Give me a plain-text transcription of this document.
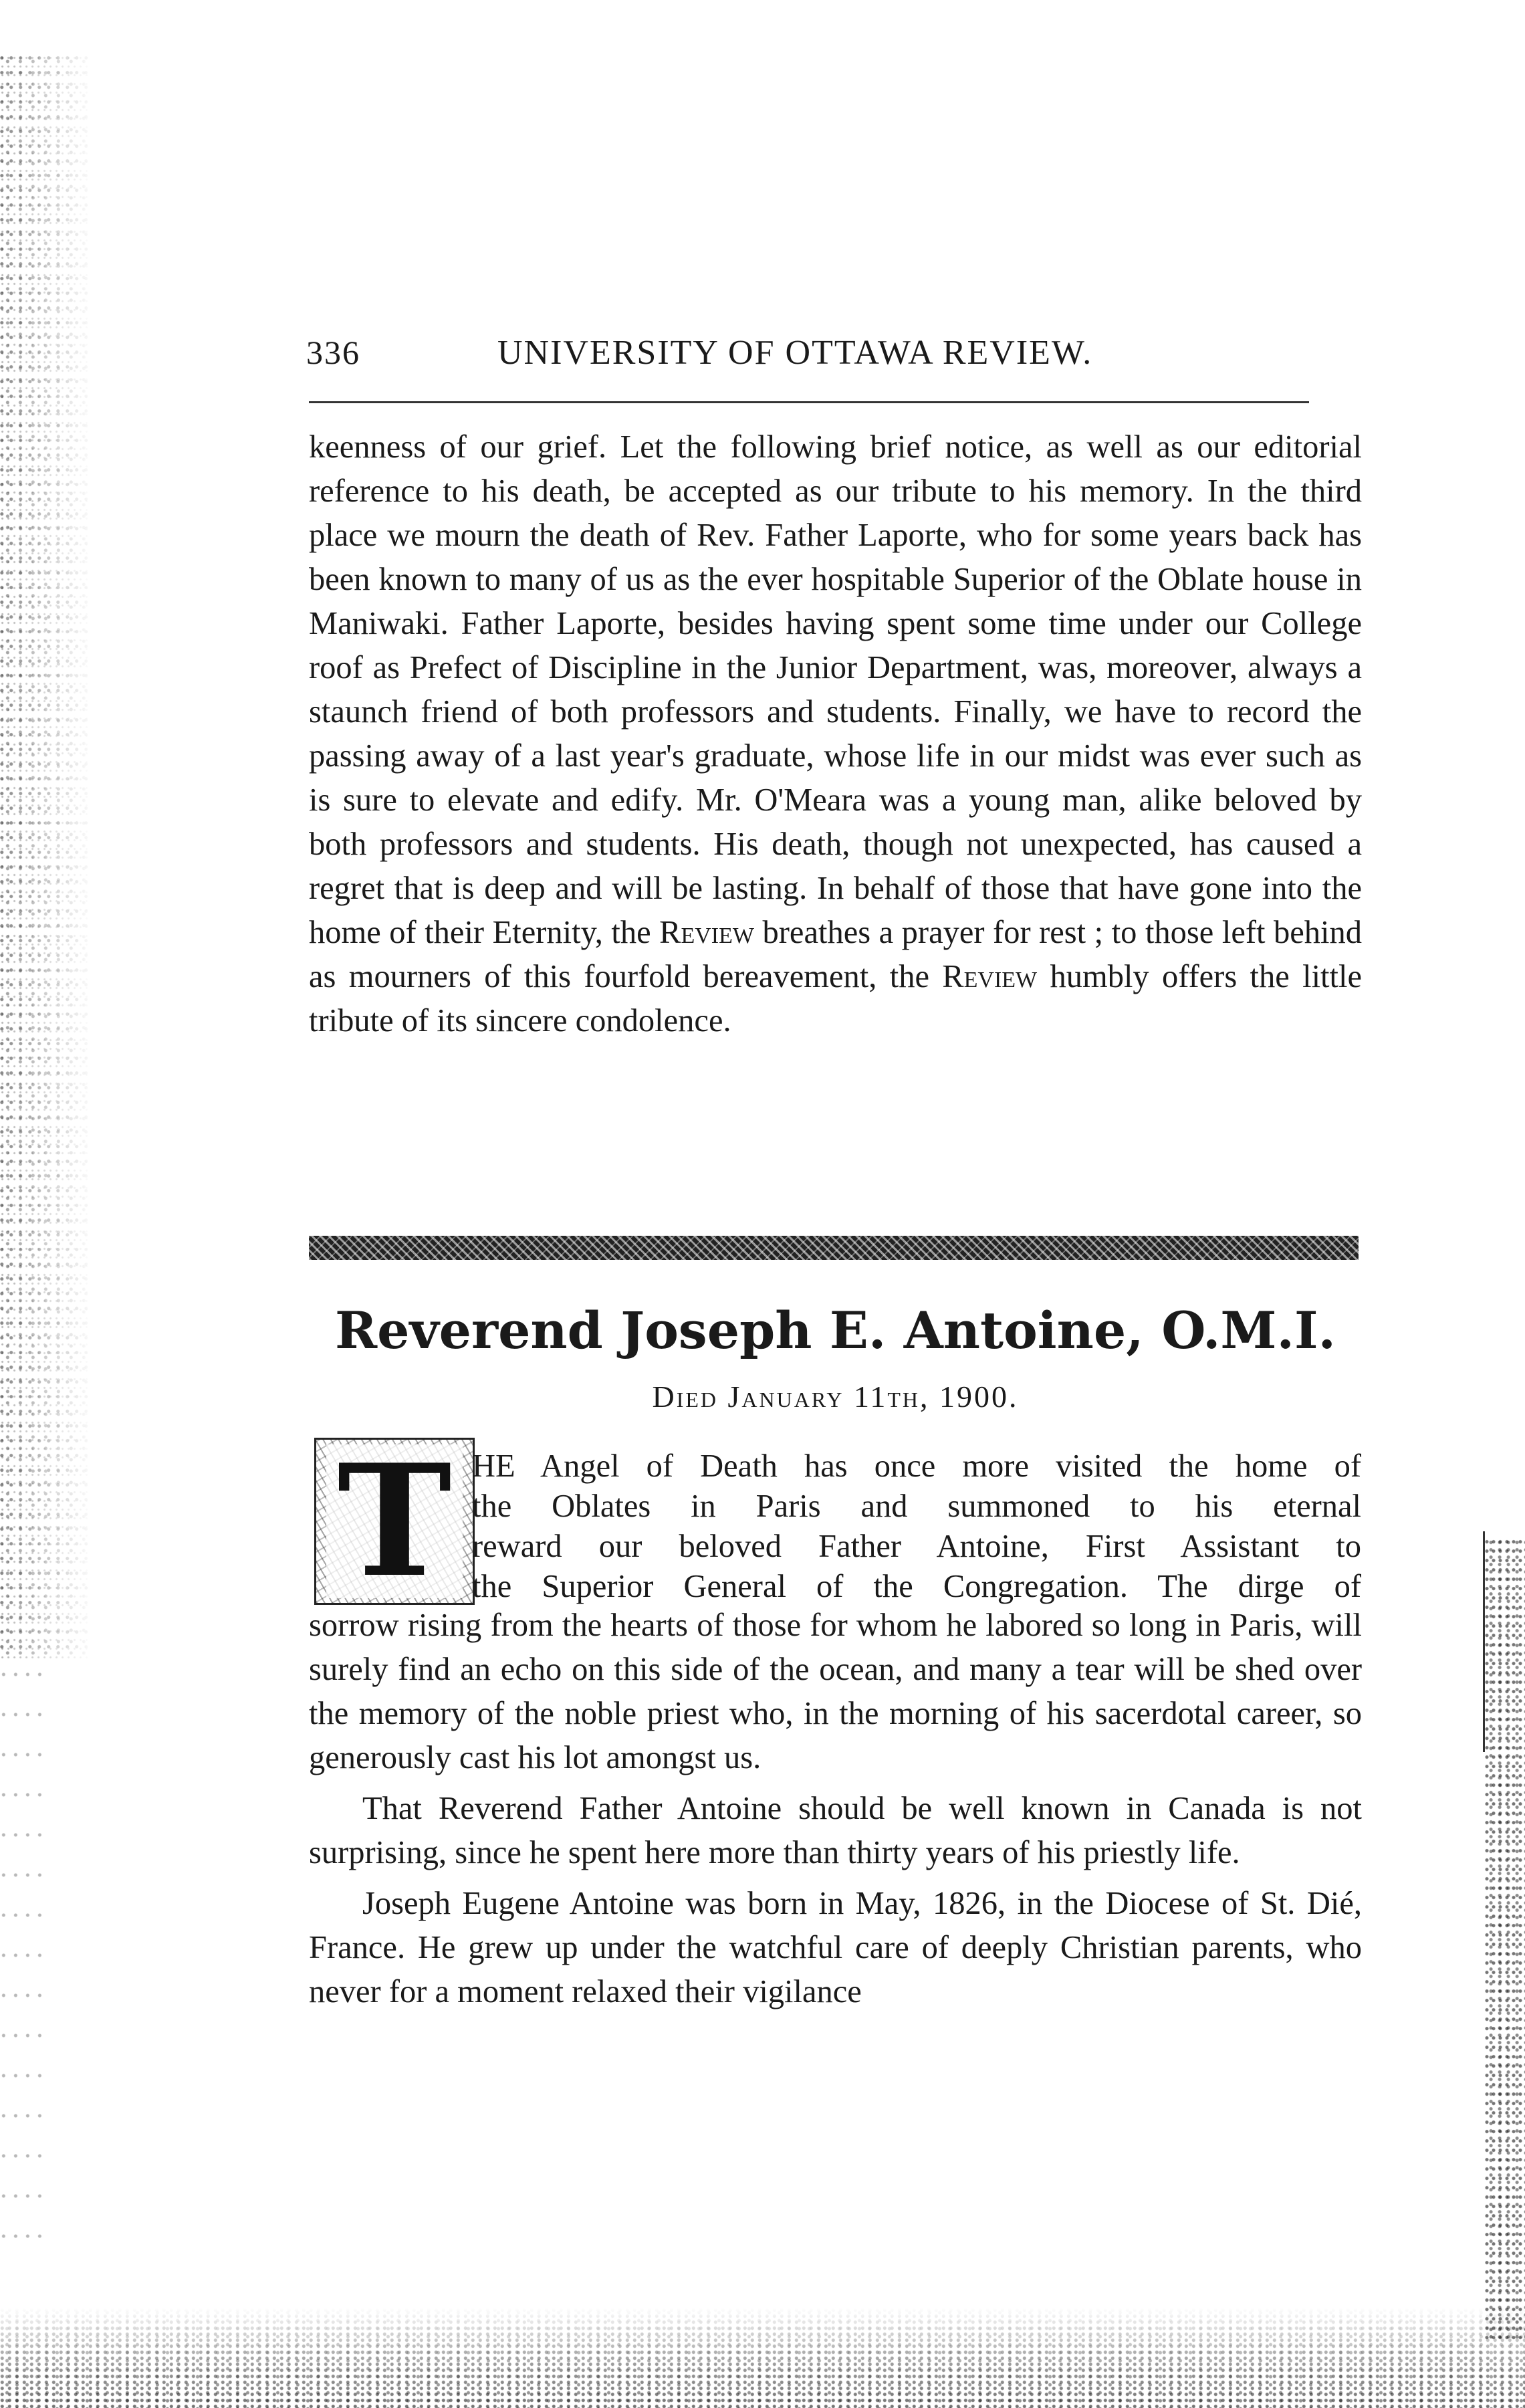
336	UNIVERSITY OF OTTAWA REVIEW.

keenness of our grief. Let the following brief notice, as well as our editorial reference to his death, be accepted as our tribute to his memory. In the third place we mourn the death of Rev. Father Laporte, who for some years back has been known to many of us as the ever hospitable Superior of the Oblate house in Maniwaki. Father Laporte, besides having spent some time under our College roof as Prefect of Discipline in the Junior Department, was, moreover, always a staunch friend of both professors and students. Finally, we have to record the passing away of a last year's graduate, whose life in our midst was ever such as is sure to elevate and edify. Mr. O'Meara was a young man, alike beloved by both professors and students. His death, though not unexpected, has caused a regret that is deep and will be lasting. In behalf of those that have gone into the home of their Eternity, the Review breathes a prayer for rest ; to those left behind as mourners of this fourfold bereavement, the Review humbly offers the little tribute of its sincere condolence.

Reverend Joseph E. Antoine, O.M.I.
Died January 11th, 1900.
T HE Angel of Death has once more visited the home of
the Oblates in Paris and summoned to his eternal
reward our beloved Father Antoine, First Assistant to
the Superior General of the Congregation. The dirge of

sorrow rising from the hearts of those for whom he labored so long in Paris, will surely find an echo on this side of the ocean, and many a tear will be shed over the memory of the noble priest who, in the morning of his sacerdotal career, so generously cast his lot amongst us.

That Reverend Father Antoine should be well known in Canada is not surprising, since he spent here more than thirty years of his priestly life.

Joseph Eugene Antoine was born in May, 1826, in the Diocese of St. Dié, France. He grew up under the watchful care of deeply Christian parents, who never for a moment relaxed their vigilance
